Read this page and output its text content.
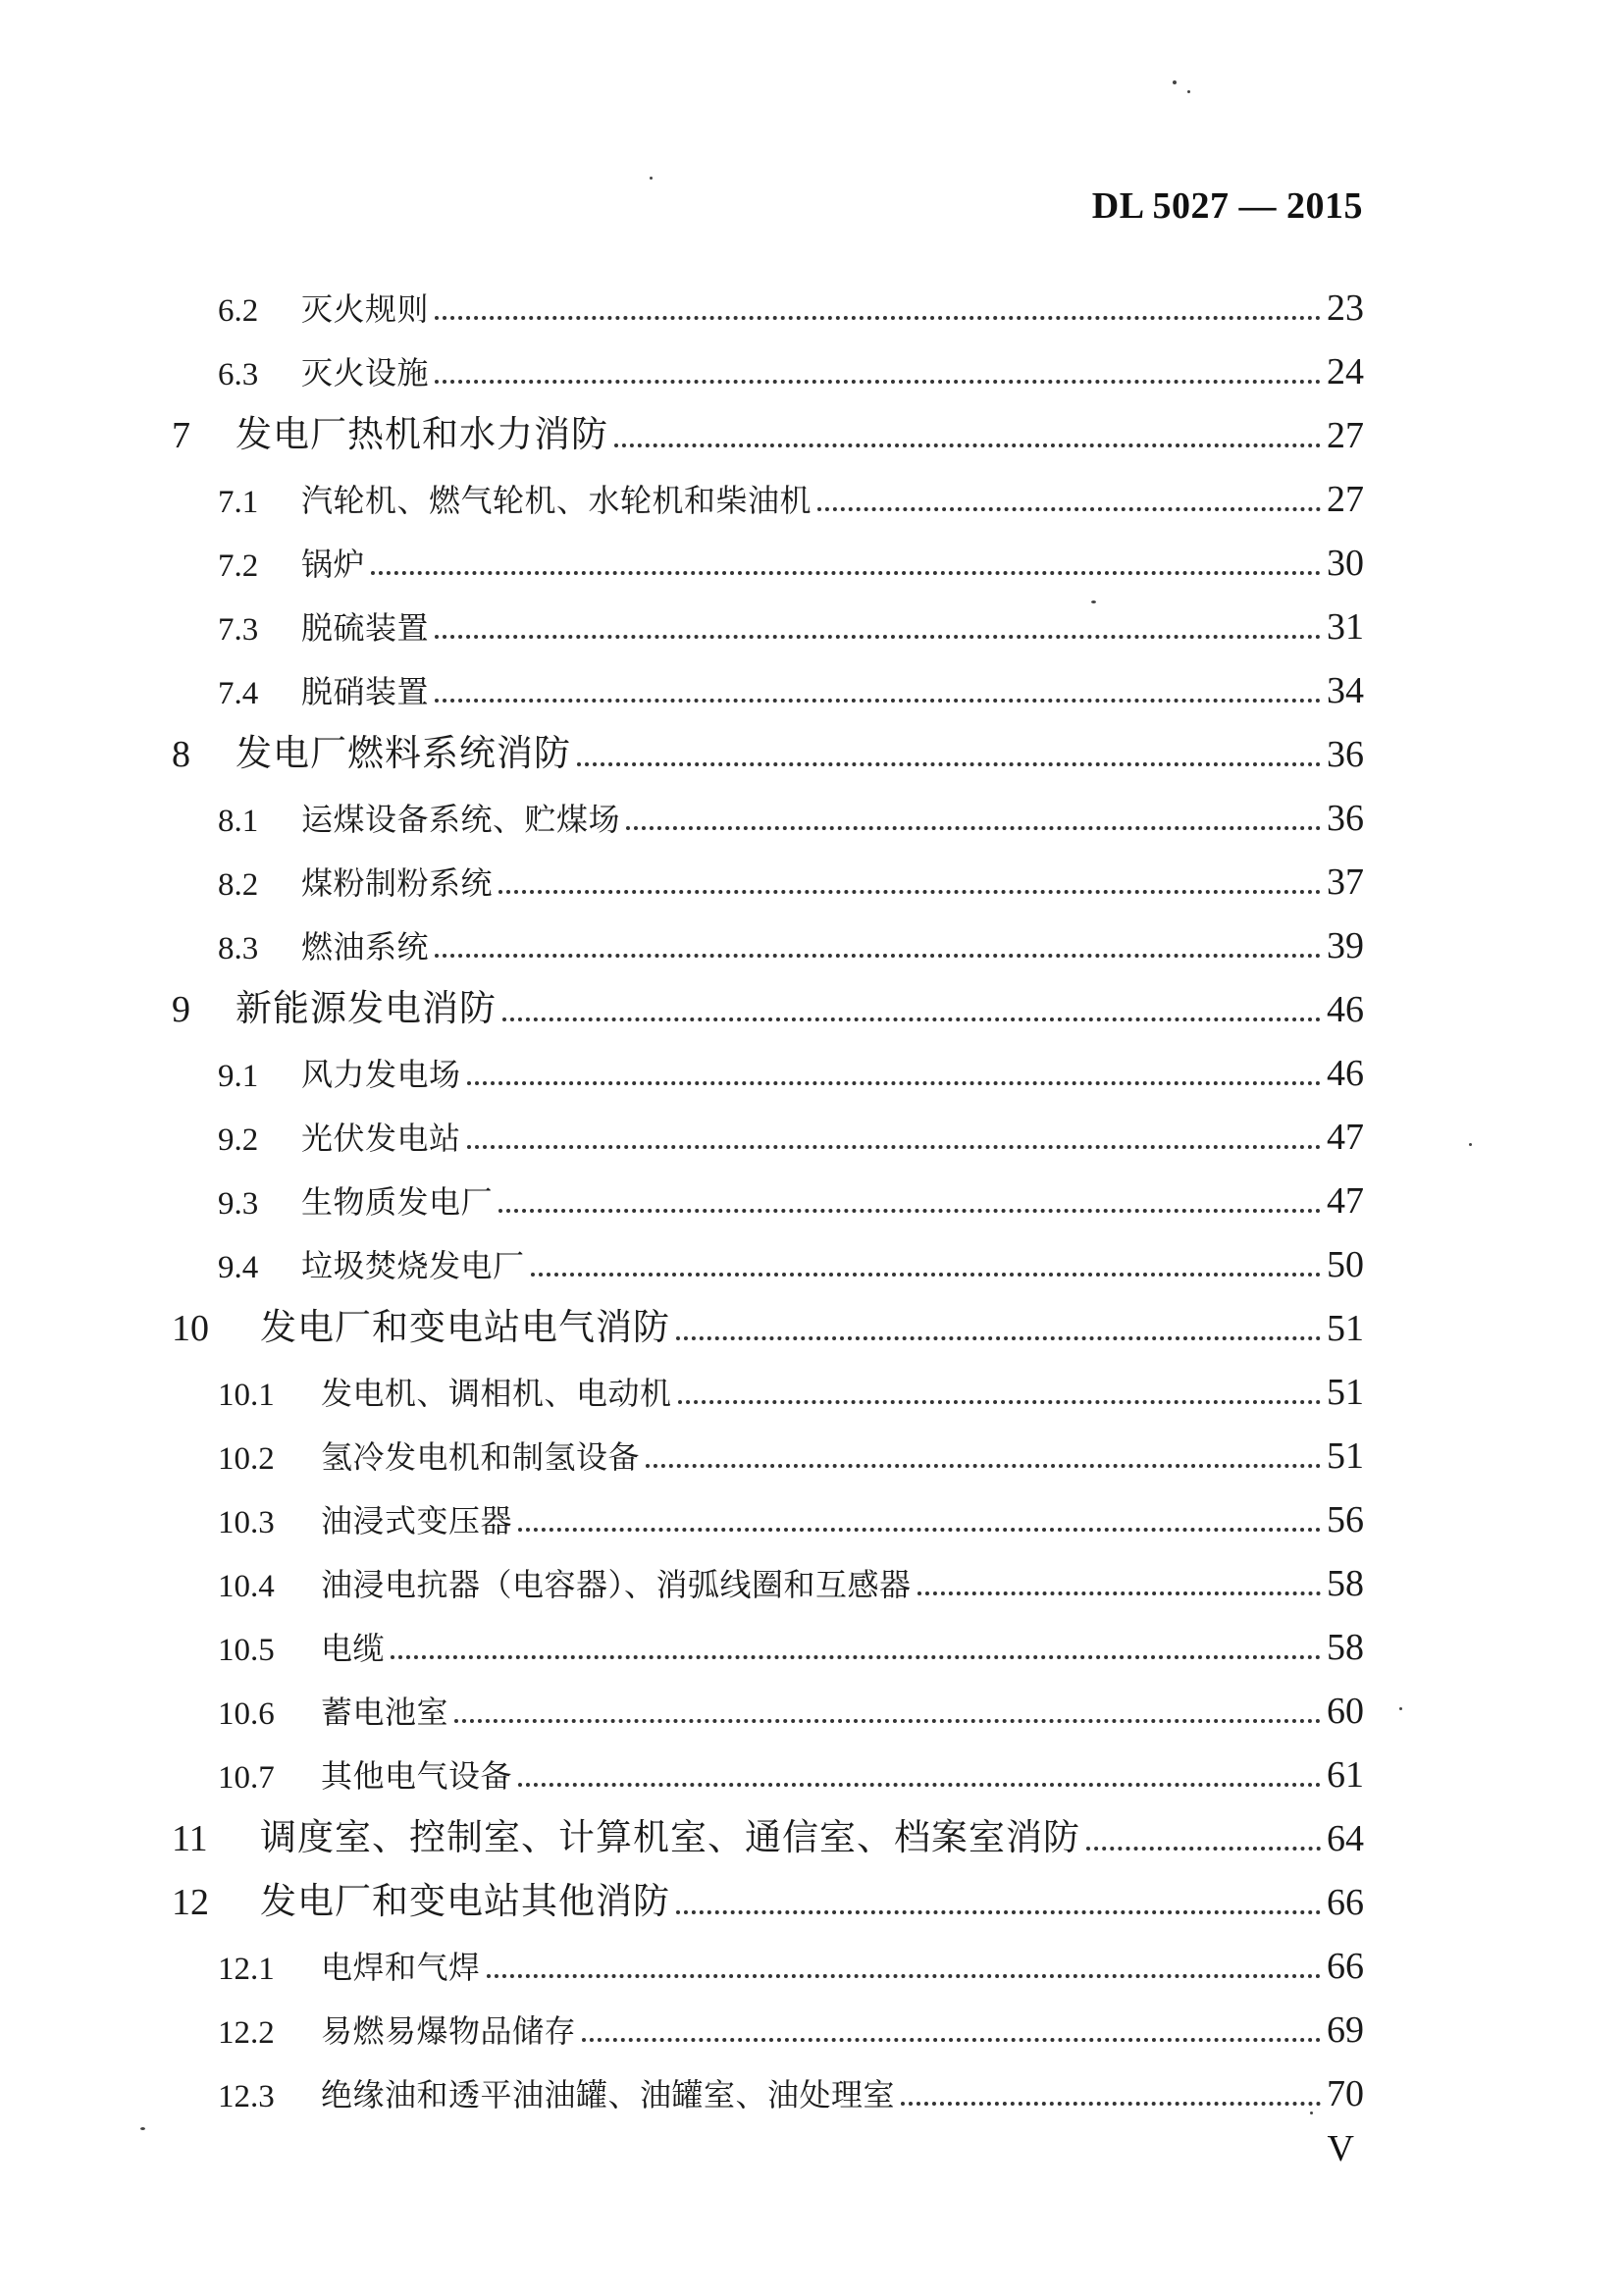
DL 5027 — 2015
6.2	灭火规则	23
6.3	灭火设施	24
7	发电厂热机和水力消防	27
7.1	汽轮机、燃气轮机、水轮机和柴油机	27
7.2	锅炉	30
7.3	脱硫装置	31
7.4	脱硝装置	34
8	发电厂燃料系统消防	36
8.1	运煤设备系统、贮煤场	36
8.2	煤粉制粉系统	37
8.3	燃油系统	39
9	新能源发电消防	46
9.1	风力发电场	46
9.2	光伏发电站	47
9.3	生物质发电厂	47
9.4	垃圾焚烧发电厂	50
10	发电厂和变电站电气消防	51
10.1	发电机、调相机、电动机	51
10.2	氢冷发电机和制氢设备	51
10.3	油浸式变压器	56
10.4	油浸电抗器（电容器）、消弧线圈和互感器	58
10.5	电缆	58
10.6	蓄电池室	60
10.7	其他电气设备	61
11	调度室、控制室、计算机室、通信室、档案室消防	64
12	发电厂和变电站其他消防	66
12.1	电焊和气焊	66
12.2	易燃易爆物品储存	69
12.3	绝缘油和透平油油罐、油罐室、油处理室	70
V
